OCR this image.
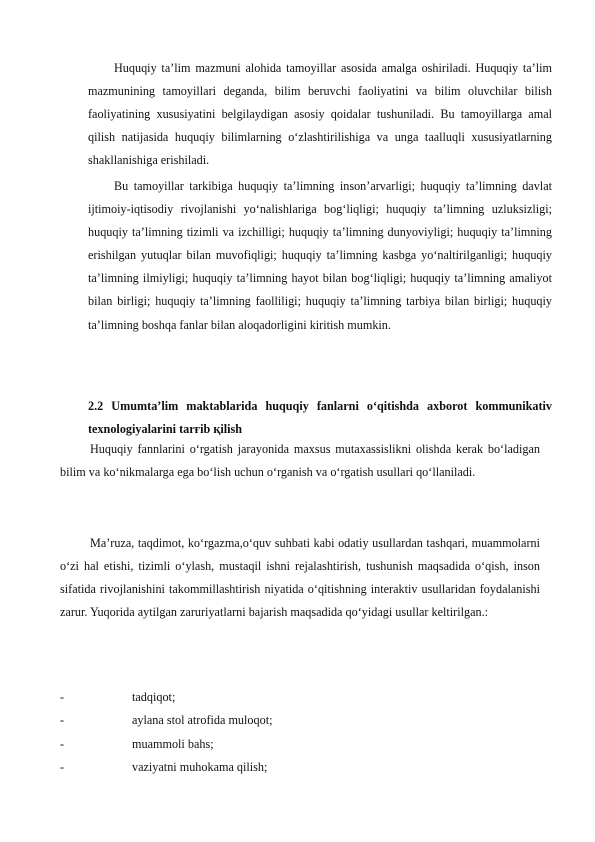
Huquqiy ta’lim mazmuni alohida tamoyillar asosida amalga oshiriladi. Huquqiy ta’lim mazmunining tamoyillari deganda, bilim beruvchi faoliyatini va bilim oluvchilar bilish faoliyatining xususiyatini belgilaydigan asosiy qoidalar tushuniladi. Bu tamoyillarga amal qilish natijasida huquqiy bilimlarning o‘zlashtirilishiga va unga taalluqli xususiyatlarning shakllanishiga erishiladi.

Bu tamoyillar tarkibiga huquqiy ta’limning inson’arvarligi; huquqiy ta’limning davlat ijtimoiy-iqtisodiy rivojlanishi yo‘nalishlariga bog‘liqligi; huquqiy ta’limning uzluksizligi; huquqiy ta’limning tizimli va izchilligi; huquqiy ta’limning dunyoviyligi; huquqiy ta’limning erishilgan yutuqlar bilan muvofiqligi; huquqiy ta’limning kasbga yo‘naltirilganligi; huquqiy ta’limning ilmiyligi; huquqiy ta’limning hayot bilan bog‘liqligi; huquqiy ta’limning amaliyot bilan birligi; huquqiy ta’limning faolliligi; huquqiy ta’limning tarbiya bilan birligi; huquqiy ta’limning boshqa fanlar bilan aloqadorligini kiritish mumkin.

2.2 Umumta’lim maktablarida huquqiy fanlarni o‘qitishda axborot kommunikativ texnologiyalarini tarғib қilish

Huquqiy fannlarini o‘rgatish jarayonida maxsus mutaxassislikni olishda kerak bo‘ladigan bilim va ko‘nikmalarga ega bo‘lish uchun o‘rganish va o‘rgatish usullari qo‘llaniladi.

Ma’ruza, taqdimot, ko‘rgazma,o‘quv suhbati kabi odatiy usullardan tashqari, muammolarni o‘zi hal etishi, tizimli o‘ylash, mustaqil ishni rejalashtirish, tushunish maqsadida o‘qish, inson sifatida rivojlanishini takommillashtirish niyatida o‘qitishning interaktiv usullaridan foydalanishi zarur. Yuqorida aytilgan zaruriyatlarni bajarish maqsadida qo‘yidagi usullar keltirilgan.:

-	tadqiqot;
-	aylana stol atrofida muloqot;
-	muammoli bahs;
-	vaziyatni muhokama qilish;
